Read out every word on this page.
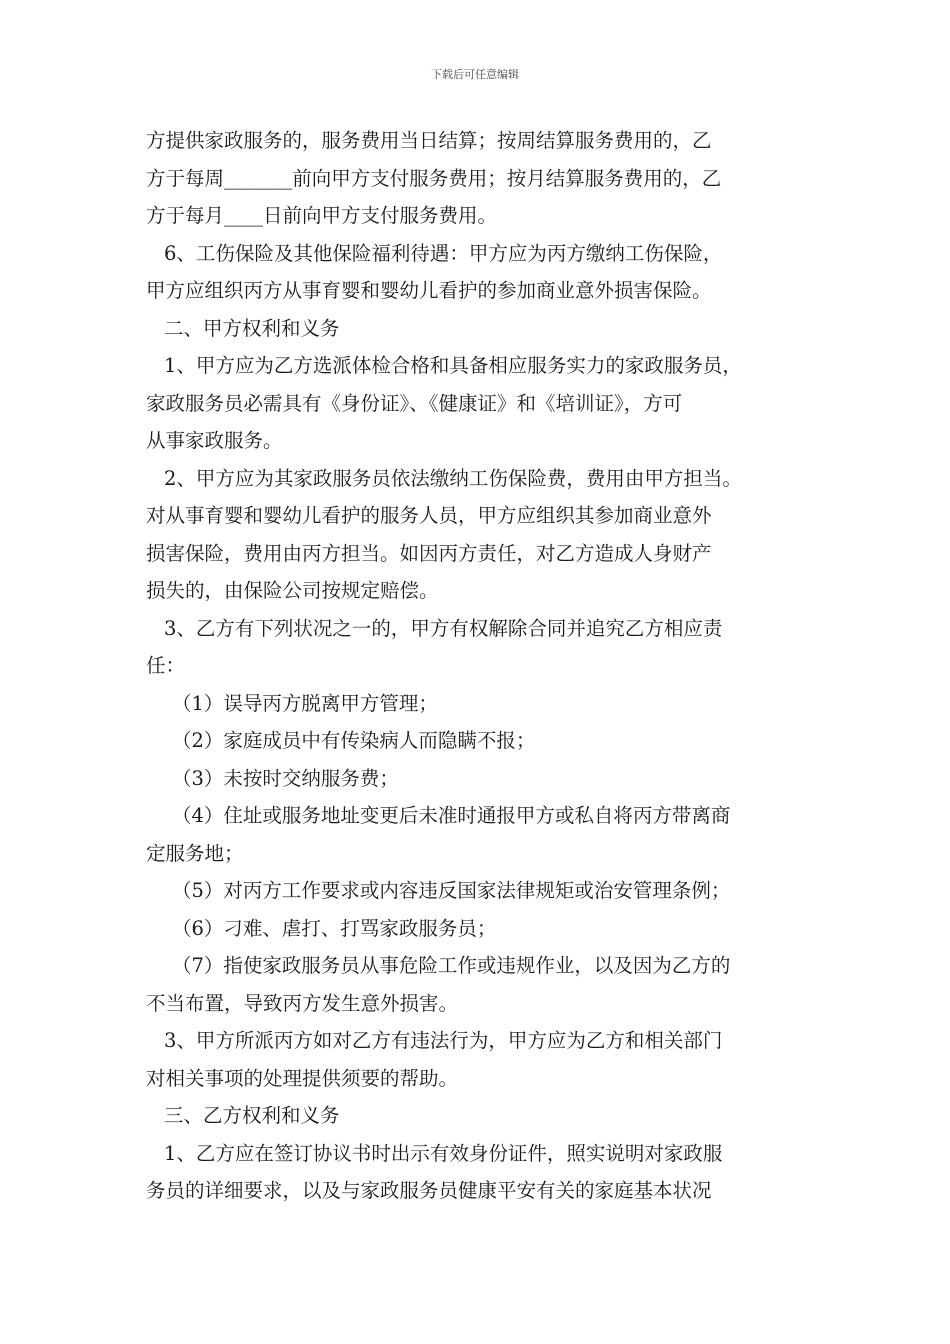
下载后可任意编辑
方提供家政服务的，服务费用当日结算；按周结算服务费用的，乙
方于每周_______前向甲方支付服务费用；按月结算服务费用的，乙
方于每月____日前向甲方支付服务费用。
6、工伤保险及其他保险福利待遇：甲方应为丙方缴纳工伤保险，
甲方应组织丙方从事育婴和婴幼儿看护的参加商业意外损害保险。
二、甲方权利和义务
1、甲方应为乙方选派体检合格和具备相应服务实力的家政服务员，
家政服务员必需具有《身份证》、《健康证》和《培训证》，方可
从事家政服务。
2、甲方应为其家政服务员依法缴纳工伤保险费，费用由甲方担当。
对从事育婴和婴幼儿看护的服务人员，甲方应组织其参加商业意外
损害保险，费用由丙方担当。如因丙方责任，对乙方造成人身财产
损失的，由保险公司按规定赔偿。
3、乙方有下列状况之一的，甲方有权解除合同并追究乙方相应责
任：
（1）误导丙方脱离甲方管理；
（2）家庭成员中有传染病人而隐瞒不报；
（3）未按时交纳服务费；
（4）住址或服务地址变更后未准时通报甲方或私自将丙方带离商
定服务地；
（5）对丙方工作要求或内容违反国家法律规矩或治安管理条例；
（6）刁难、虐打、打骂家政服务员；
（7）指使家政服务员从事危险工作或违规作业，以及因为乙方的
不当布置，导致丙方发生意外损害。
3、甲方所派丙方如对乙方有违法行为，甲方应为乙方和相关部门
对相关事项的处理提供须要的帮助。
三、乙方权利和义务
1、乙方应在签订协议书时出示有效身份证件，照实说明对家政服
务员的详细要求，以及与家政服务员健康平安有关的家庭基本状况
